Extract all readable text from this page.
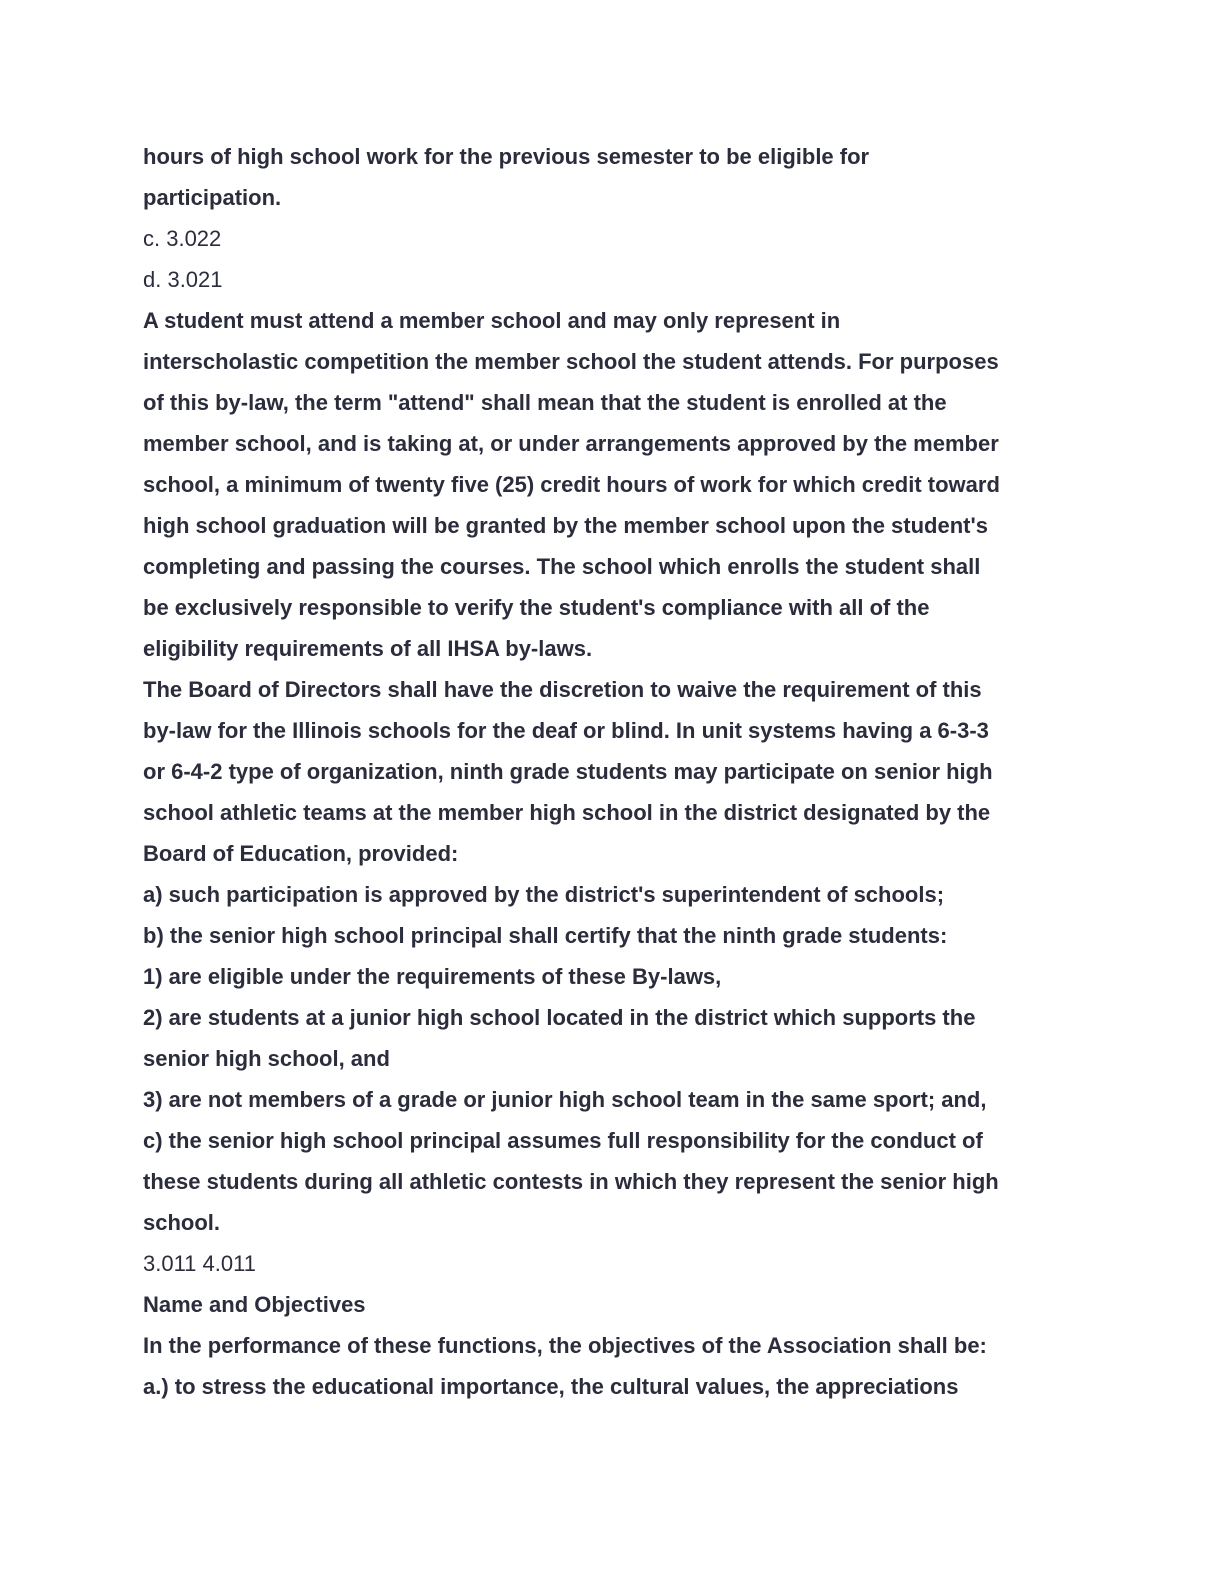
hours of high school work for the previous semester to be eligible for

participation.

c. 3.022

d. 3.021

A student must attend a member school and may only represent in

interscholastic competition the member school the student attends. For purposes

of this by-law, the term "attend" shall mean that the student is enrolled at the

member school, and is taking at, or under arrangements approved by the member

school, a minimum of twenty five (25) credit hours of work for which credit toward

high school graduation will be granted by the member school upon the student's

completing and passing the courses. The school which enrolls the student shall

be exclusively responsible to verify the student's compliance with all of the

eligibility requirements of all IHSA by-laws.

The Board of Directors shall have the discretion to waive the requirement of this

by-law for the Illinois schools for the deaf or blind. In unit systems having a 6-3-3

or 6-4-2 type of organization, ninth grade students may participate on senior high

school athletic teams at the member high school in the district designated by the

Board of Education, provided:

a) such participation is approved by the district's superintendent of schools;

b) the senior high school principal shall certify that the ninth grade students:

1) are eligible under the requirements of these By-laws,

2) are students at a junior high school located in the district which supports the

senior high school, and

3) are not members of a grade or junior high school team in the same sport; and,

c) the senior high school principal assumes full responsibility for the conduct of

these students during all athletic contests in which they represent the senior high

school.

3.011 4.011

Name and Objectives

In the performance of these functions, the objectives of the Association shall be:

a.) to stress the educational importance, the cultural values, the appreciations
